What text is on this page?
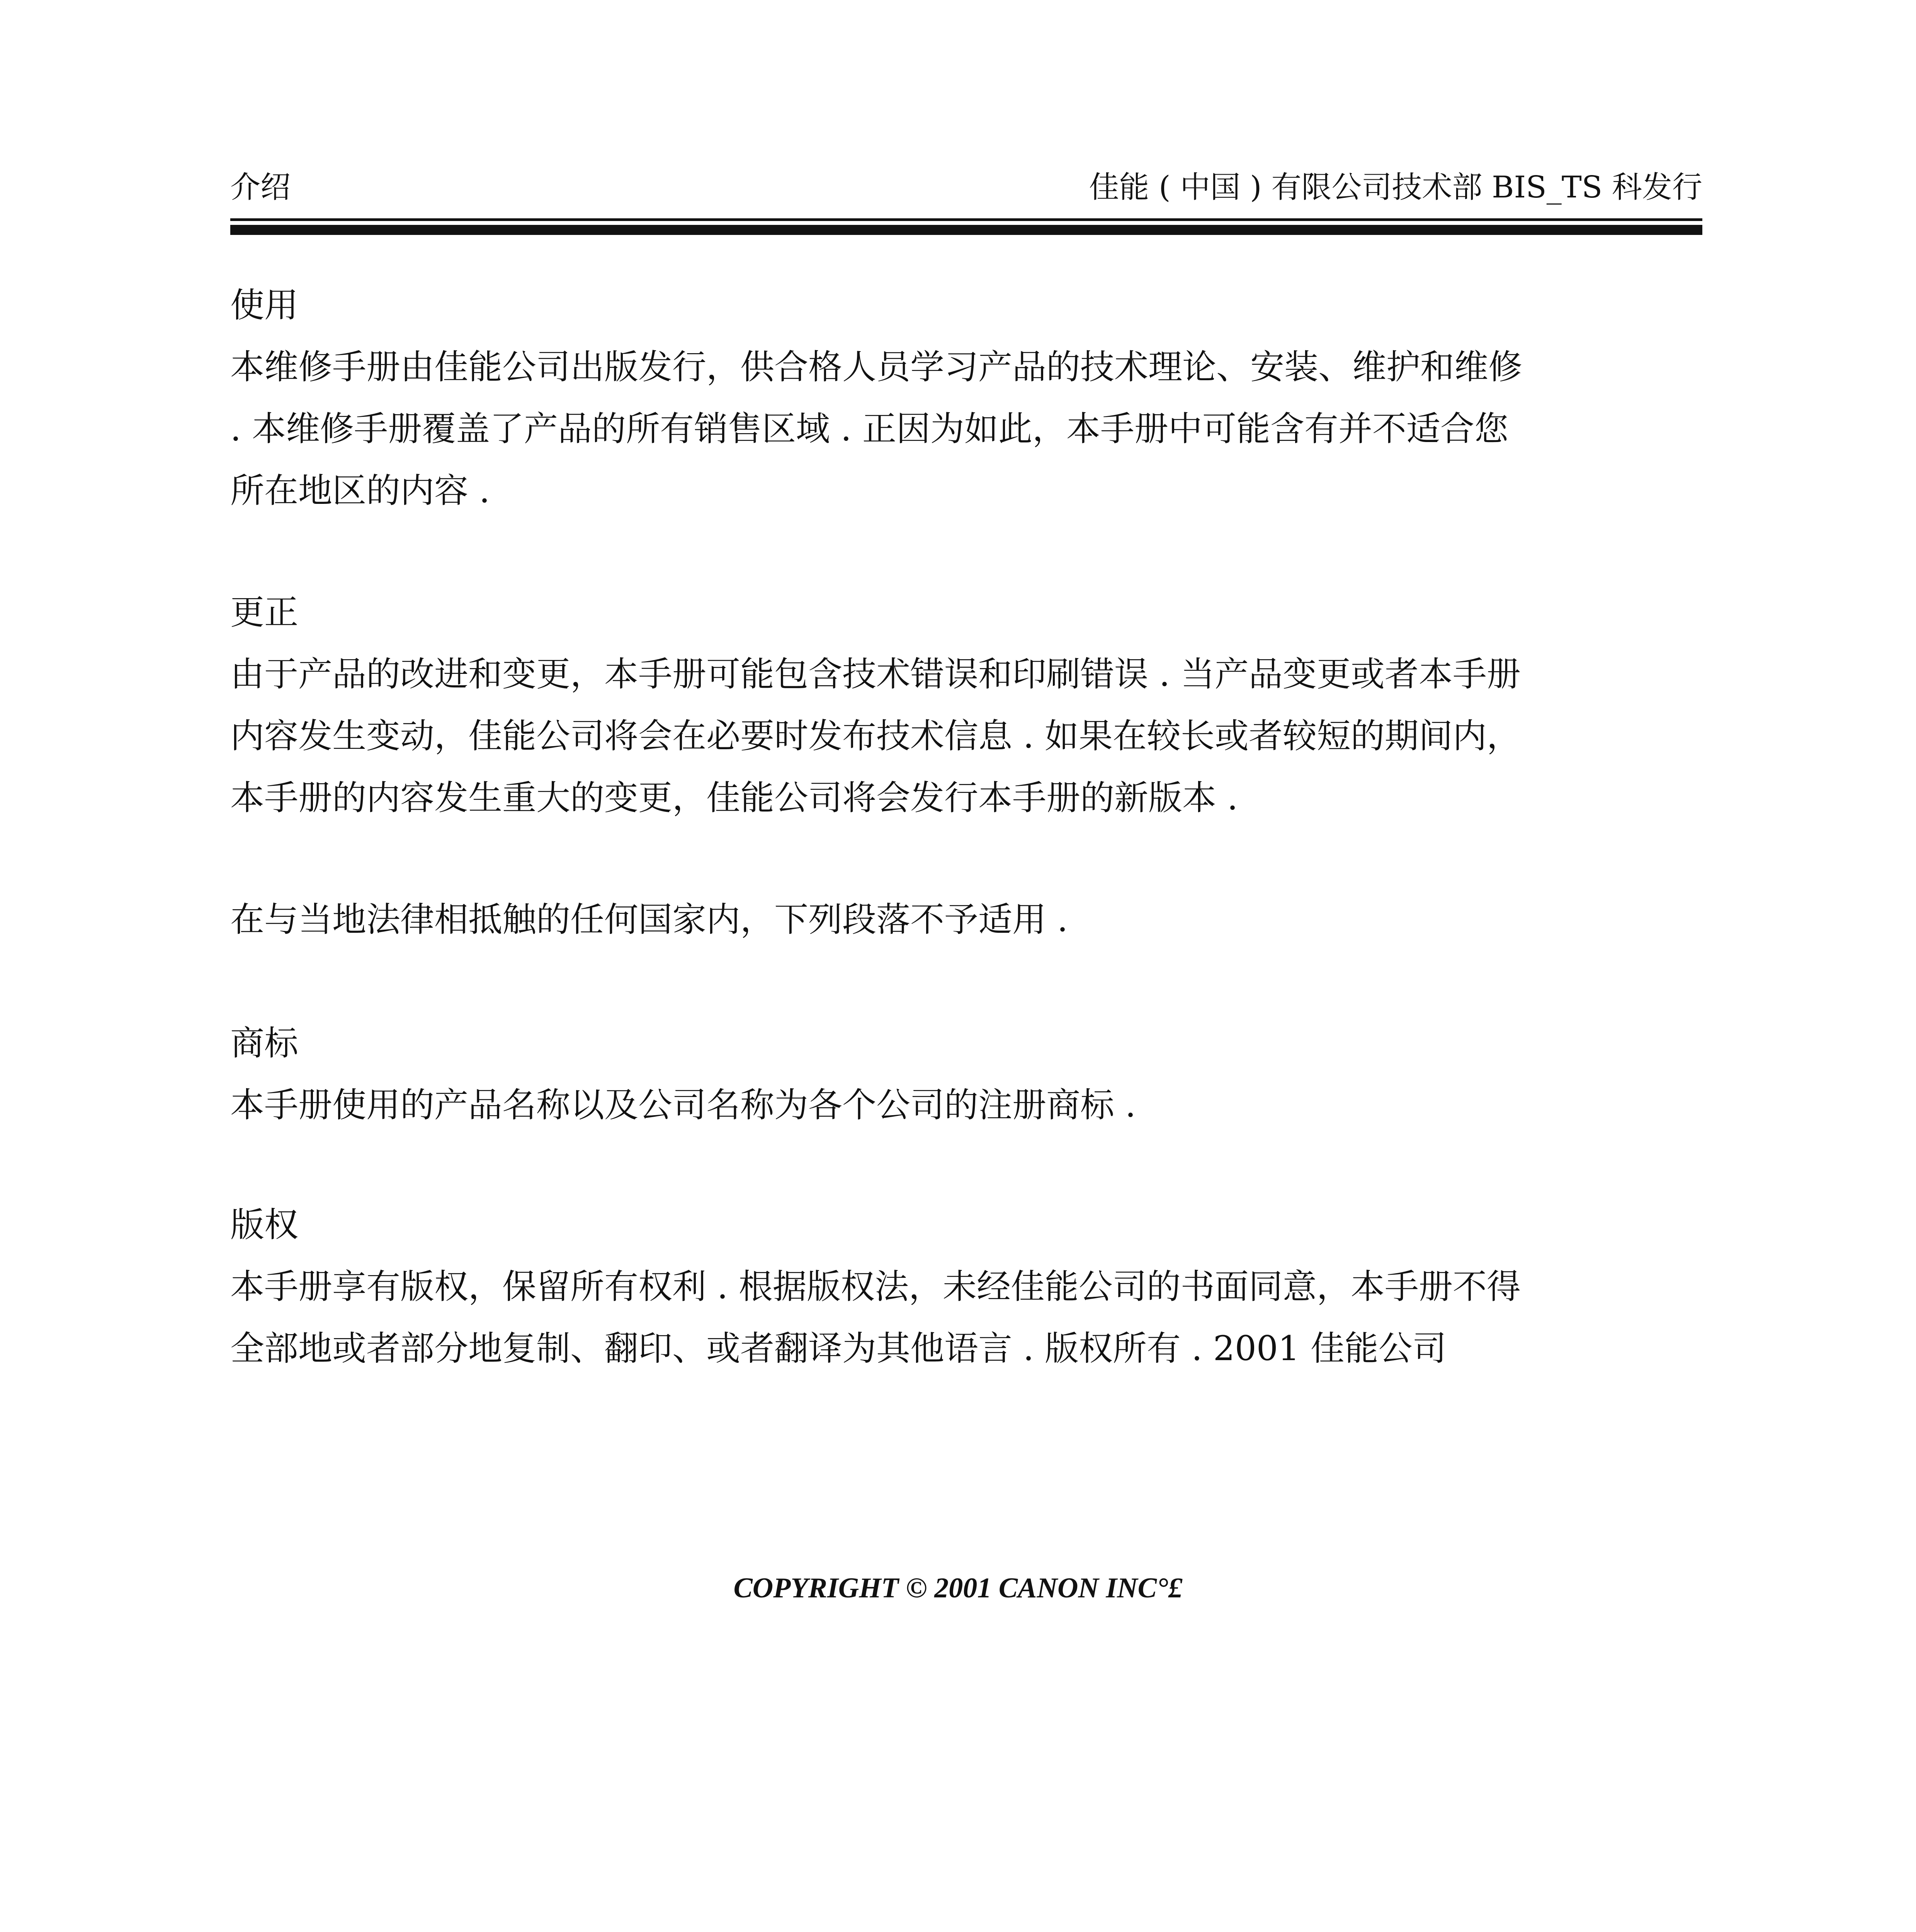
介绍	佳能 ( 中国 ) 有限公司技术部 BIS_TS 科发行

使用

本维修手册由佳能公司出版发行，供合格人员学习产品的技术理论、安装、维护和维修

. 本维修手册覆盖了产品的所有销售区域 . 正因为如此，本手册中可能含有并不适合您

所在地区的内容 .

更正

由于产品的改进和变更，本手册可能包含技术错误和印刷错误 . 当产品变更或者本手册

内容发生变动，佳能公司将会在必要时发布技术信息 . 如果在较长或者较短的期间内，

本手册的内容发生重大的变更，佳能公司将会发行本手册的新版本 .

在与当地法律相抵触的任何国家内，下列段落不予适用 .

商标

本手册使用的产品名称以及公司名称为各个公司的注册商标 .

版权

本手册享有版权，保留所有权利 . 根据版权法，未经佳能公司的书面同意，本手册不得

全部地或者部分地复制、翻印、或者翻译为其他语言 . 版权所有 . 2001 佳能公司

COPYRIGHT © 2001 CANON INC°£
